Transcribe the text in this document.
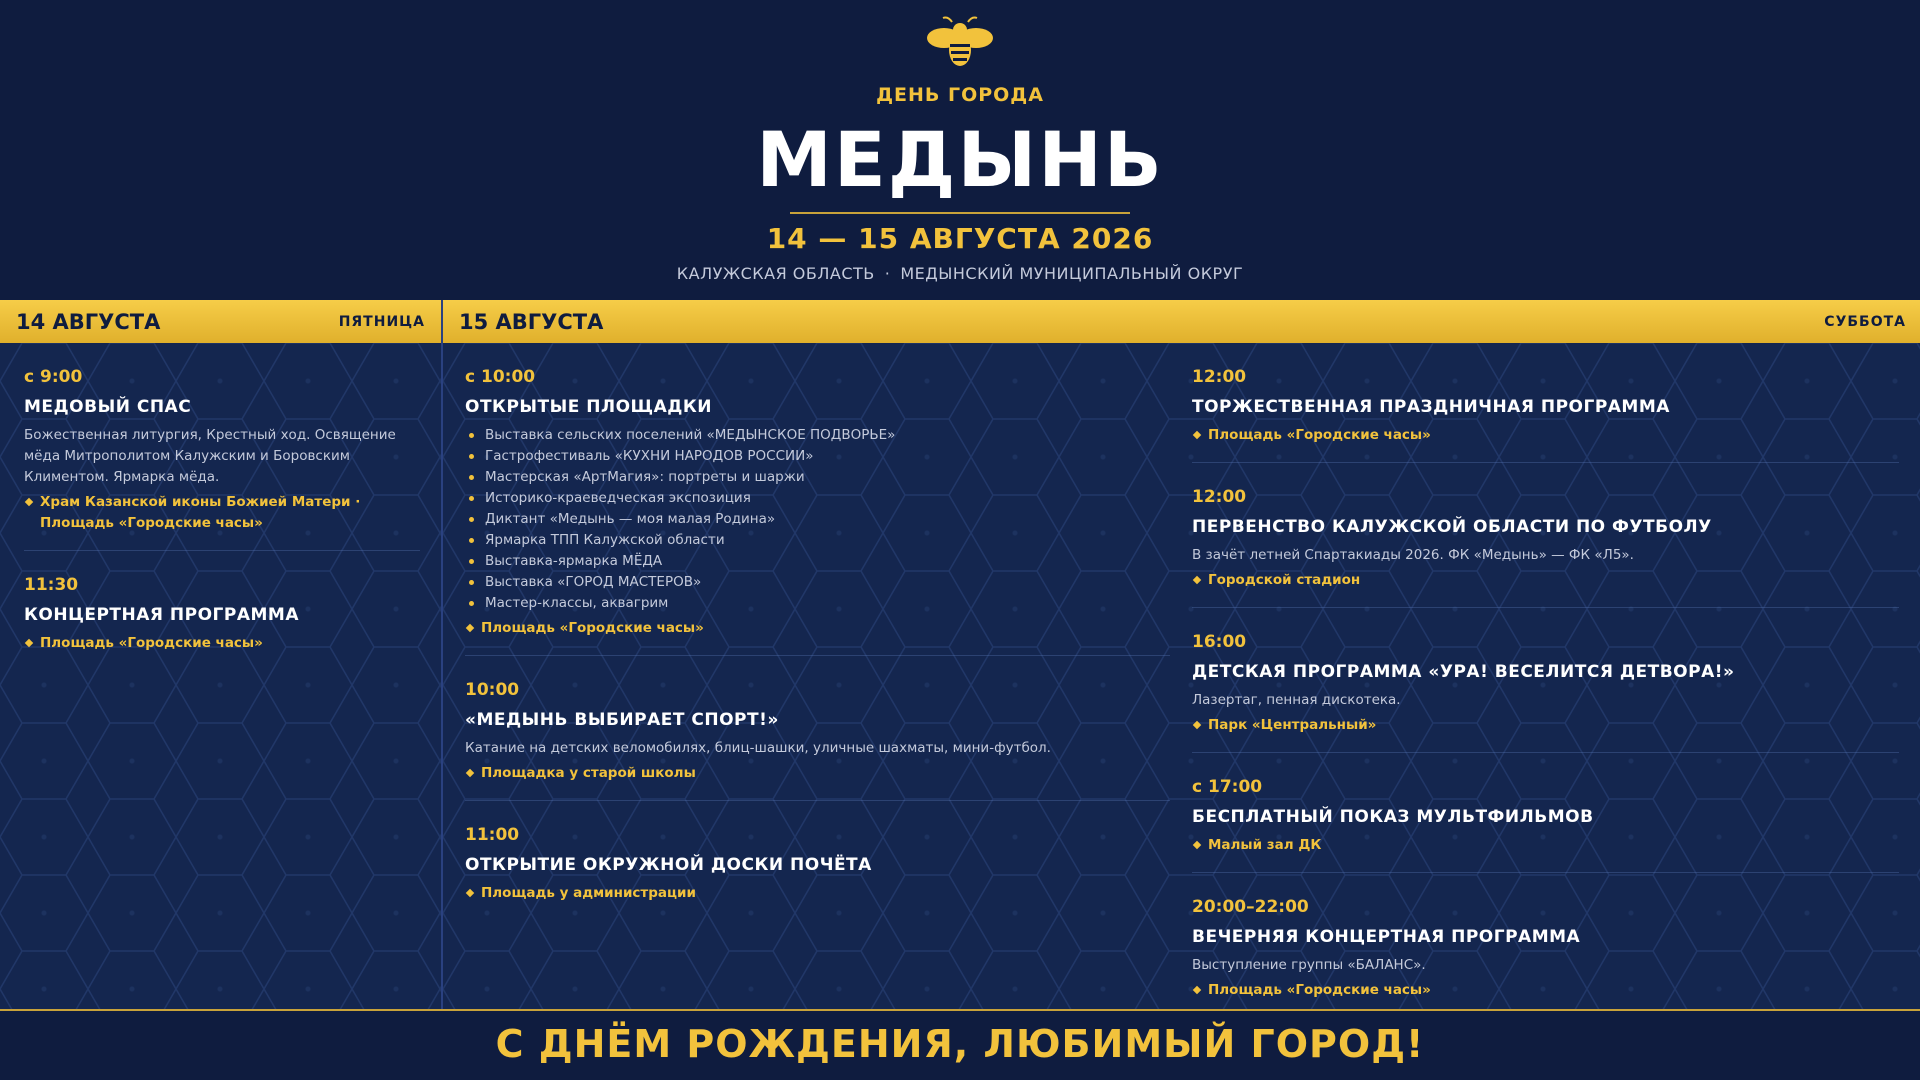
ДЕНЬ ГОРОДА
МЕДЫНЬ
14 — 15 АВГУСТА 2026
КАЛУЖСКАЯ ОБЛАСТЬ · МЕДЫНСКИЙ МУНИЦИПАЛЬНЫЙ ОКРУГ
14 АВГУСТА	ПЯТНИЦА 15 АВГУСТА	СУББОТА
с 9:00
МЕДОВЫЙ СПАС
Божественная литургия, Крестный ход. Освящение мёда Митрополитом Калужским и Боровским Климентом. Ярмарка мёда.
Храм Казанской иконы Божией Матери · Площадь «Городские часы»
11:30
КОНЦЕРТНАЯ ПРОГРАММА
Площадь «Городские часы»
с 10:00
ОТКРЫТЫЕ ПЛОЩАДКИ
Выставка сельских поселений «МЕДЫНСКОЕ ПОДВОРЬЕ»
Гастрофестиваль «КУХНИ НАРОДОВ РОССИИ»
Мастерская «АртМагия»: портреты и шаржи
Историко-краеведческая экспозиция
Диктант «Медынь — моя малая Родина»
Ярмарка ТПП Калужской области
Выставка-ярмарка МЁДА
Выставка «ГОРОД МАСТЕРОВ»
Мастер-классы, аквагрим
Площадь «Городские часы»
10:00
«МЕДЫНЬ ВЫБИРАЕТ СПОРТ!»
Катание на детских веломобилях, блиц-шашки, уличные шахматы, мини-футбол.
Площадка у старой школы
11:00
ОТКРЫТИЕ ОКРУЖНОЙ ДОСКИ ПОЧЁТА
Площадь у администрации
12:00
ТОРЖЕСТВЕННАЯ ПРАЗДНИЧНАЯ ПРОГРАММА
Площадь «Городские часы»
12:00
ПЕРВЕНСТВО КАЛУЖСКОЙ ОБЛАСТИ ПО ФУТБОЛУ
В зачёт летней Спартакиады 2026. ФК «Медынь» — ФК «Л5».
Городской стадион
16:00
ДЕТСКАЯ ПРОГРАММА «УРА! ВЕСЕЛИТСЯ ДЕТВОРА!»
Лазертаг, пенная дискотека.
Парк «Центральный»
с 17:00
БЕСПЛАТНЫЙ ПОКАЗ МУЛЬТФИЛЬМОВ
Малый зал ДК
20:00–22:00
ВЕЧЕРНЯЯ КОНЦЕРТНАЯ ПРОГРАММА
Выступление группы «БАЛАНС».
Площадь «Городские часы»
С ДНЁМ РОЖДЕНИЯ, ЛЮБИМЫЙ ГОРОД!
